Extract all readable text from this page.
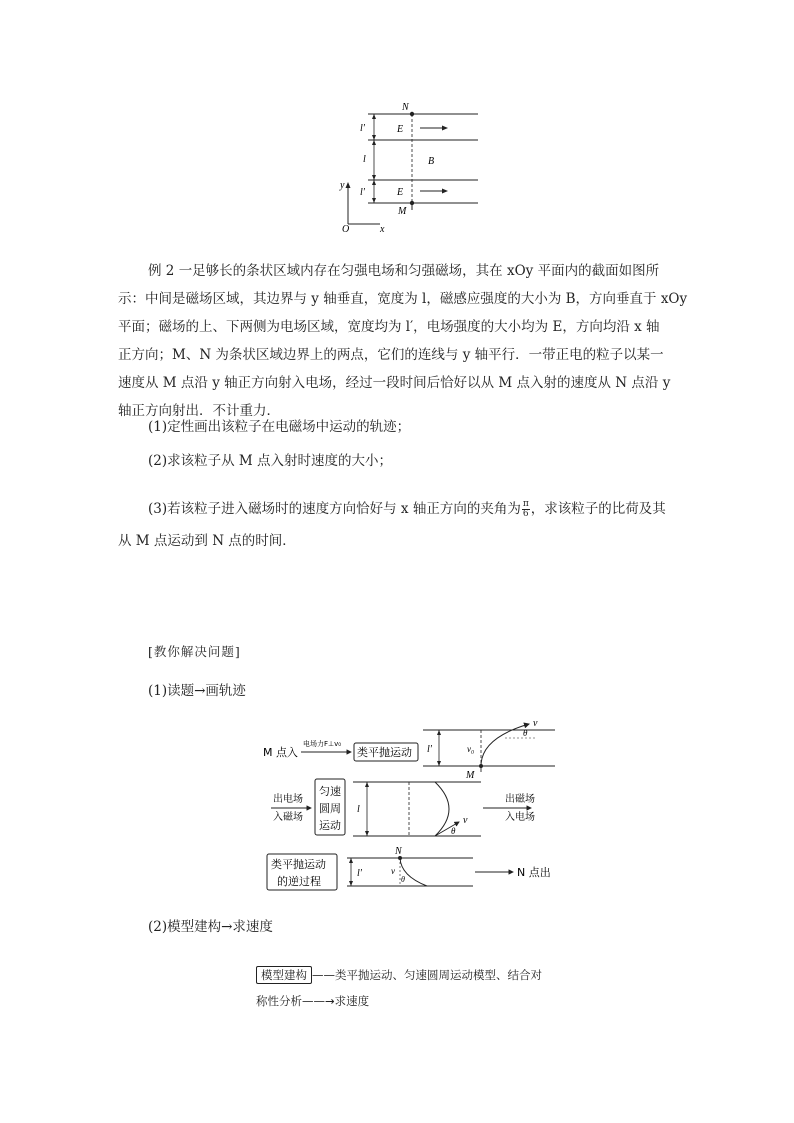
N
l′	E
l	B
y
l′	E
M
O	x
例 2 一足够长的条状区域内存在匀强电场和匀强磁场，其在 xOy 平面内的截面如图所
示：中间是磁场区域，其边界与 y 轴垂直，宽度为 l，磁感应强度的大小为 B，方向垂直于 xOy
平面；磁场的上、下两侧为电场区域，宽度均为 l′，电场强度的大小均为 E，方向均沿 x 轴
正方向；M、N 为条状区域边界上的两点，它们的连线与 y 轴平行．一带正电的粒子以某一
速度从 M 点沿 y 轴正方向射入电场，经过一段时间后恰好以从 M 点入射的速度从 N 点沿 y
轴正方向射出．不计重力．
(1)定性画出该粒子在电磁场中运动的轨迹；
(2)求该粒子从 M 点入射时速度的大小；
(3)若该粒子进入磁场时的速度方向恰好与 x 轴正方向的夹角为 $\frac{\pi}{6}$ ，求该粒子的比荷及其
从 M 点运动到 N 点的时间．
[教你解决问题]
(1)读题→画轨迹
M 点入
电场力F⊥v₀
类平抛运动 l′	v₀
v
θ
M
出电场
入磁场
匀速
圆周
运动
l
v
θ
出磁场
入电场
类平抛运动
的逆过程
l′
N
v
θ
N 点出
(2)模型建构→求速度
模型建构 ——类平抛运动、匀速圆周运动模型、结合对
称性分析——→求速度
